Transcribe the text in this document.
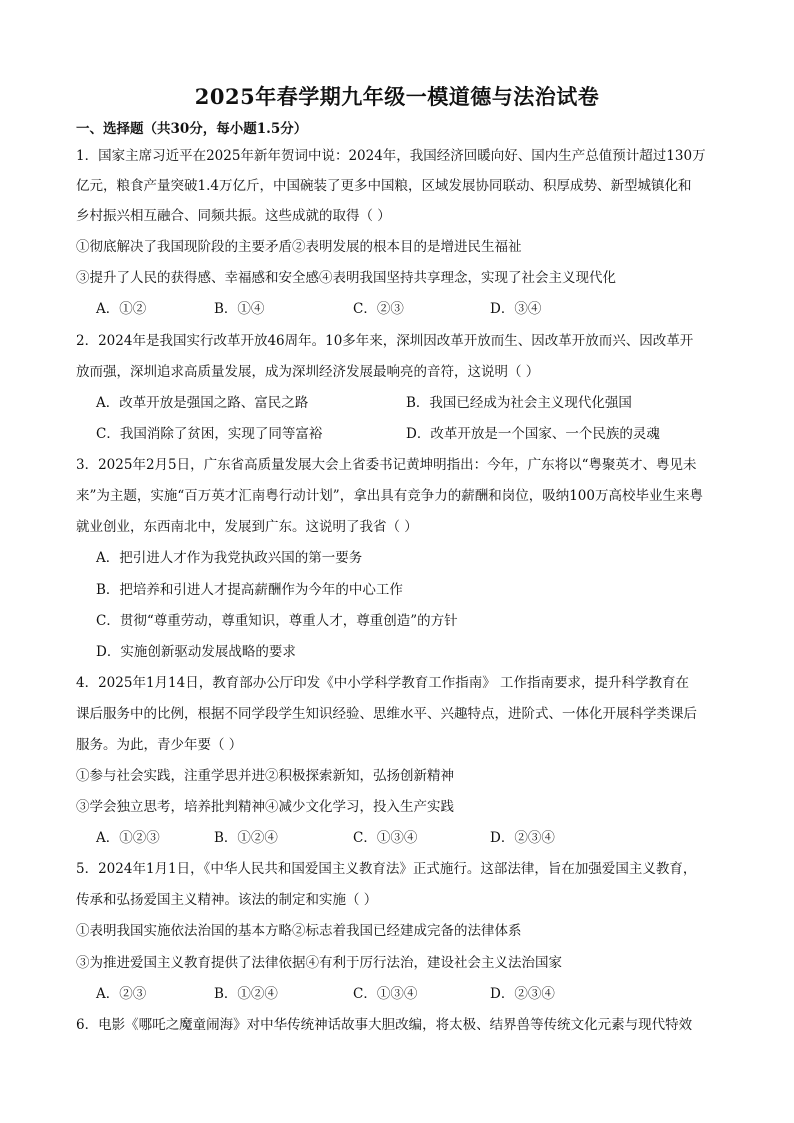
2025年春学期九年级一模道德与法治试卷
一、选择题（共30分，每小题1.5分）
1．国家主席习近平在2025年新年贺词中说：2024年，我国经济回暖向好、国内生产总值预计超过130万
亿元，粮食产量突破1.4万亿斤，中国碗装了更多中国粮，区域发展协同联动、积厚成势、新型城镇化和
乡村振兴相互融合、同频共振。这些成就的取得（ ）
①彻底解决了我国现阶段的主要矛盾②表明发展的根本目的是增进民生福祉
③提升了人民的获得感、幸福感和安全感④表明我国坚持共享理念，实现了社会主义现代化
A．①②	B．①④	C．②③	D．③④
2．2024年是我国实行改革开放46周年。10多年来，深圳因改革开放而生、因改革开放而兴、因改革开
放而强，深圳追求高质量发展，成为深圳经济发展最响亮的音符，这说明（ ）
A．改革开放是强国之路、富民之路	B．我国已经成为社会主义现代化强国
C．我国消除了贫困，实现了同等富裕	D．改革开放是一个国家、一个民族的灵魂
3．2025年2月5日，广东省高质量发展大会上省委书记黄坤明指出：今年，广东将以“粤聚英才、粤见未
来”为主题，实施“百万英才汇南粤行动计划”，拿出具有竞争力的薪酬和岗位，吸纳100万高校毕业生来粤
就业创业，东西南北中，发展到广东。这说明了我省（ ）
A．把引进人才作为我党执政兴国的第一要务
B．把培养和引进人才提高薪酬作为今年的中心工作
C．贯彻“尊重劳动，尊重知识，尊重人才，尊重创造”的方针
D．实施创新驱动发展战略的要求
4．2025年1月14日，教育部办公厅印发《中小学科学教育工作指南》 工作指南要求，提升科学教育在
课后服务中的比例，根据不同学段学生知识经验、思维水平、兴趣特点，进阶式、一体化开展科学类课后
服务。为此，青少年要（ ）
①参与社会实践，注重学思并进②积极探索新知，弘扬创新精神
③学会独立思考，培养批判精神④减少文化学习，投入生产实践
A．①②③	B．①②④	C．①③④	D．②③④
5．2024年1月1日，《中华人民共和国爱国主义教育法》正式施行。这部法律，旨在加强爱国主义教育，
传承和弘扬爱国主义精神。该法的制定和实施（ ）
①表明我国实施依法治国的基本方略②标志着我国已经建成完备的法律体系
③为推进爱国主义教育提供了法律依据④有利于厉行法治，建设社会主义法治国家
A．②③	B．①②④	C．①③④	D．②③④
6．电影《哪吒之魔童闹海》对中华传统神话故事大胆改编，将太极、结界兽等传统文化元素与现代特效
